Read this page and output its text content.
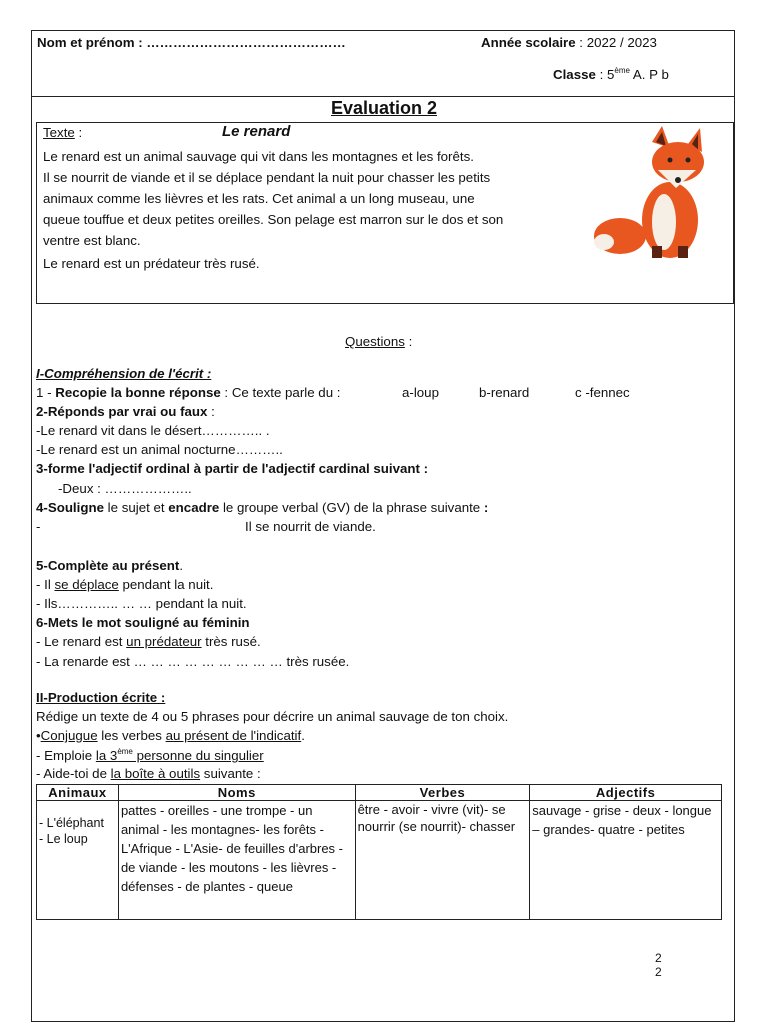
Nom et prénom : ………………………………………	Année scolaire : 2022 / 2023
Classe : 5ème A. P b
Evaluation 2
Texte :	Le renard
Le renard est un animal sauvage qui vit dans les montagnes et les forêts.
Il se nourrit de viande et il se déplace pendant la nuit pour chasser les petits
animaux comme les lièvres et les rats. Cet animal a un long museau, une
queue touffue et deux petites oreilles. Son pelage est marron sur le dos et son
ventre est blanc.
Le renard est un prédateur très rusé.
Questions :
I-Compréhension de l'écrit :
1 - Recopie la bonne réponse : Ce texte parle du :	a-loup	b-renard	c -fennec
2-Réponds par vrai ou faux :
-Le renard vit dans le désert………….. .
-Le renard est un animal nocturne………..
3-forme l'adjectif ordinal à partir de l'adjectif cardinal suivant :
-Deux : ………………..
4-Souligne le sujet et encadre le groupe verbal (GV) de la phrase suivante :
-	Il se nourrit de viande.
5-Complète au présent.
- Il se déplace pendant la nuit.
- Ils………….. … … pendant la nuit.
6-Mets le mot souligné au féminin
- Le renard est un prédateur très rusé.
- La renarde est … … … … … … … … … très rusée.
II-Production écrite :
Rédige un texte de 4 ou 5 phrases pour décrire un animal sauvage de ton choix.
•Conjugue les verbes au présent de l'indicatif.
- Emploie la 3ème personne du singulier
- Aide-toi de la boîte à outils suivante :
Animaux	Noms	Verbes	Adjectifs

- L'éléphant
- Le loup	pattes - oreilles - une trompe - un animal - les montagnes- les forêts - L'Afrique - L'Asie- de feuilles d'arbres - de viande - les moutons - les lièvres - défenses - de plantes - queue	être - avoir - vivre (vit)- se nourrir (se nourrit)- chasser	sauvage - grise - deux - longue – grandes- quatre - petites
2
2
